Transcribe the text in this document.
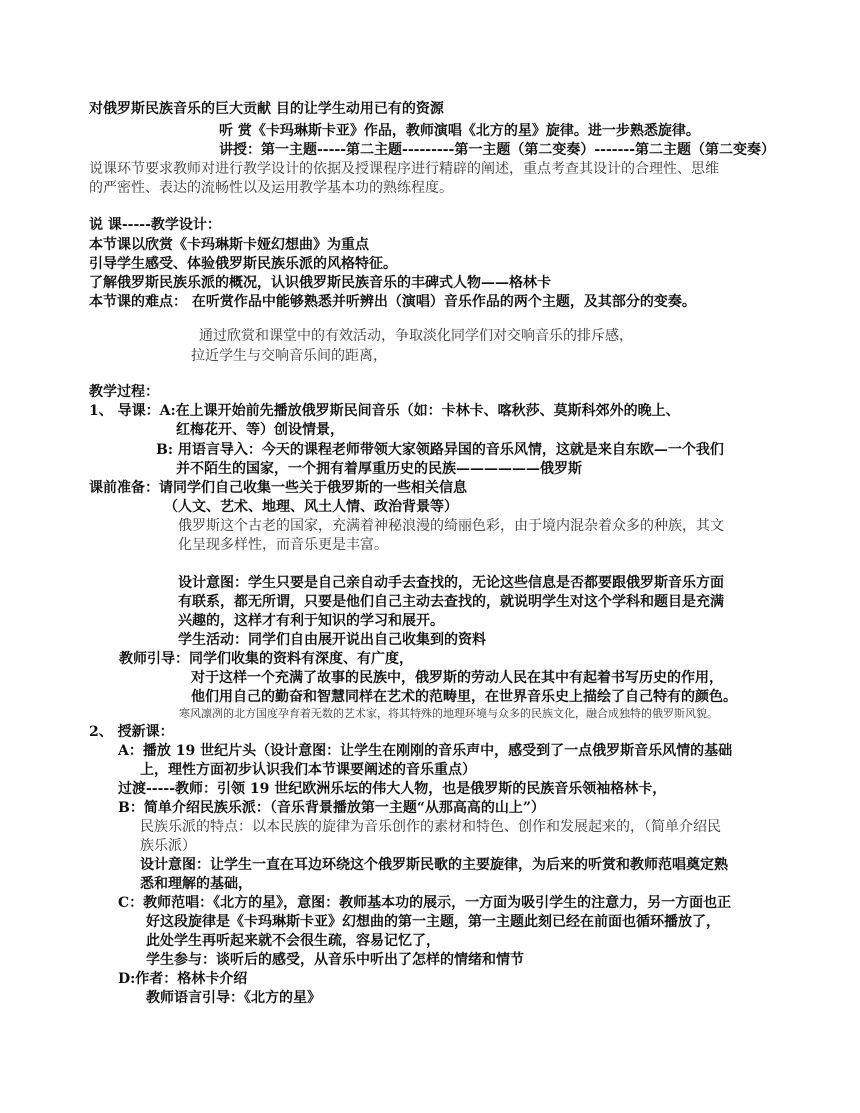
对俄罗斯民族音乐的巨大贡献 目的让学生动用已有的资源
听 赏《卡玛琳斯卡亚》作品，教师演唱《北方的星》旋律。进一步熟悉旋律。
讲授：第一主题-----第二主题---------第一主题（第二变奏）-------第二主题（第二变奏）
说课环节要求教师对进行教学设计的依据及授课程序进行精辟的阐述，重点考查其设计的合理性、思维
的严密性、表达的流畅性以及运用教学基本功的熟练程度。
说 课-----教学设计：
本节课以欣赏《卡玛琳斯卡娅幻想曲》为重点
引导学生感受、体验俄罗斯民族乐派的风格特征。
了解俄罗斯民族乐派的概况，认识俄罗斯民族音乐的丰碑式人物——格林卡
本节课的难点： 在听赏作品中能够熟悉并听辨出（演唱）音乐作品的两个主题，及其部分的变奏。
通过欣赏和课堂中的有效活动，争取淡化同学们对交响音乐的排斥感，
拉近学生与交响音乐间的距离，
教学过程：
1、 导课：A:在上课开始前先播放俄罗斯民间音乐（如：卡林卡、喀秋莎、莫斯科郊外的晚上、
红梅花开、等）创设情景，
B: 用语言导入：今天的课程老师带领大家领路异国的音乐风情，这就是来自东欧—一个我们
并不陌生的国家，一个拥有着厚重历史的民族——————俄罗斯
课前准备：请同学们自己收集一些关于俄罗斯的一些相关信息
（人文、艺术、地理、风土人情、政治背景等）
俄罗斯这个古老的国家，充满着神秘浪漫的绮丽色彩，由于境内混杂着众多的种族，其文
化呈现多样性，而音乐更是丰富。
设计意图：学生只要是自己亲自动手去查找的，无论这些信息是否都要跟俄罗斯音乐方面
有联系，都无所谓，只要是他们自己主动去查找的，就说明学生对这个学科和题目是充满
兴趣的，这样才有利于知识的学习和展开。
学生活动：同学们自由展开说出自己收集到的资料
教师引导：同学们收集的资料有深度、有广度，
对于这样一个充满了故事的民族中，俄罗斯的劳动人民在其中有起着书写历史的作用，
他们用自己的勤奋和智慧同样在艺术的范畴里，在世界音乐史上描绘了自己特有的颜色。
寒风凛冽的北方国度孕育着无数的艺术家，将其特殊的地理环境与众多的民族文化，融合成独特的俄罗斯风貌。
2、 授新课：
A：播放 19 世纪片头（设计意图：让学生在刚刚的音乐声中，感受到了一点俄罗斯音乐风情的基础
上，理性方面初步认识我们本节课要阐述的音乐重点）
过渡-----教师：引领 19 世纪欧洲乐坛的伟大人物，也是俄罗斯的民族音乐领袖格林卡，
B：简单介绍民族乐派：（音乐背景播放第一主题“从那高高的山上”）
民族乐派的特点：以本民族的旋律为音乐创作的素材和特色、创作和发展起来的，（简单介绍民
族乐派）
设计意图：让学生一直在耳边环绕这个俄罗斯民歌的主要旋律，为后来的听赏和教师范唱奠定熟
悉和理解的基础，
C：教师范唱：《北方的星》，意图：教师基本功的展示，一方面为吸引学生的注意力，另一方面也正
好这段旋律是《卡玛琳斯卡亚》幻想曲的第一主题，第一主题此刻已经在前面也循环播放了，
此处学生再听起来就不会很生疏，容易记忆了，
学生参与：谈听后的感受，从音乐中听出了怎样的情绪和情节
D:作者：格林卡介绍
教师语言引导：《北方的星》
